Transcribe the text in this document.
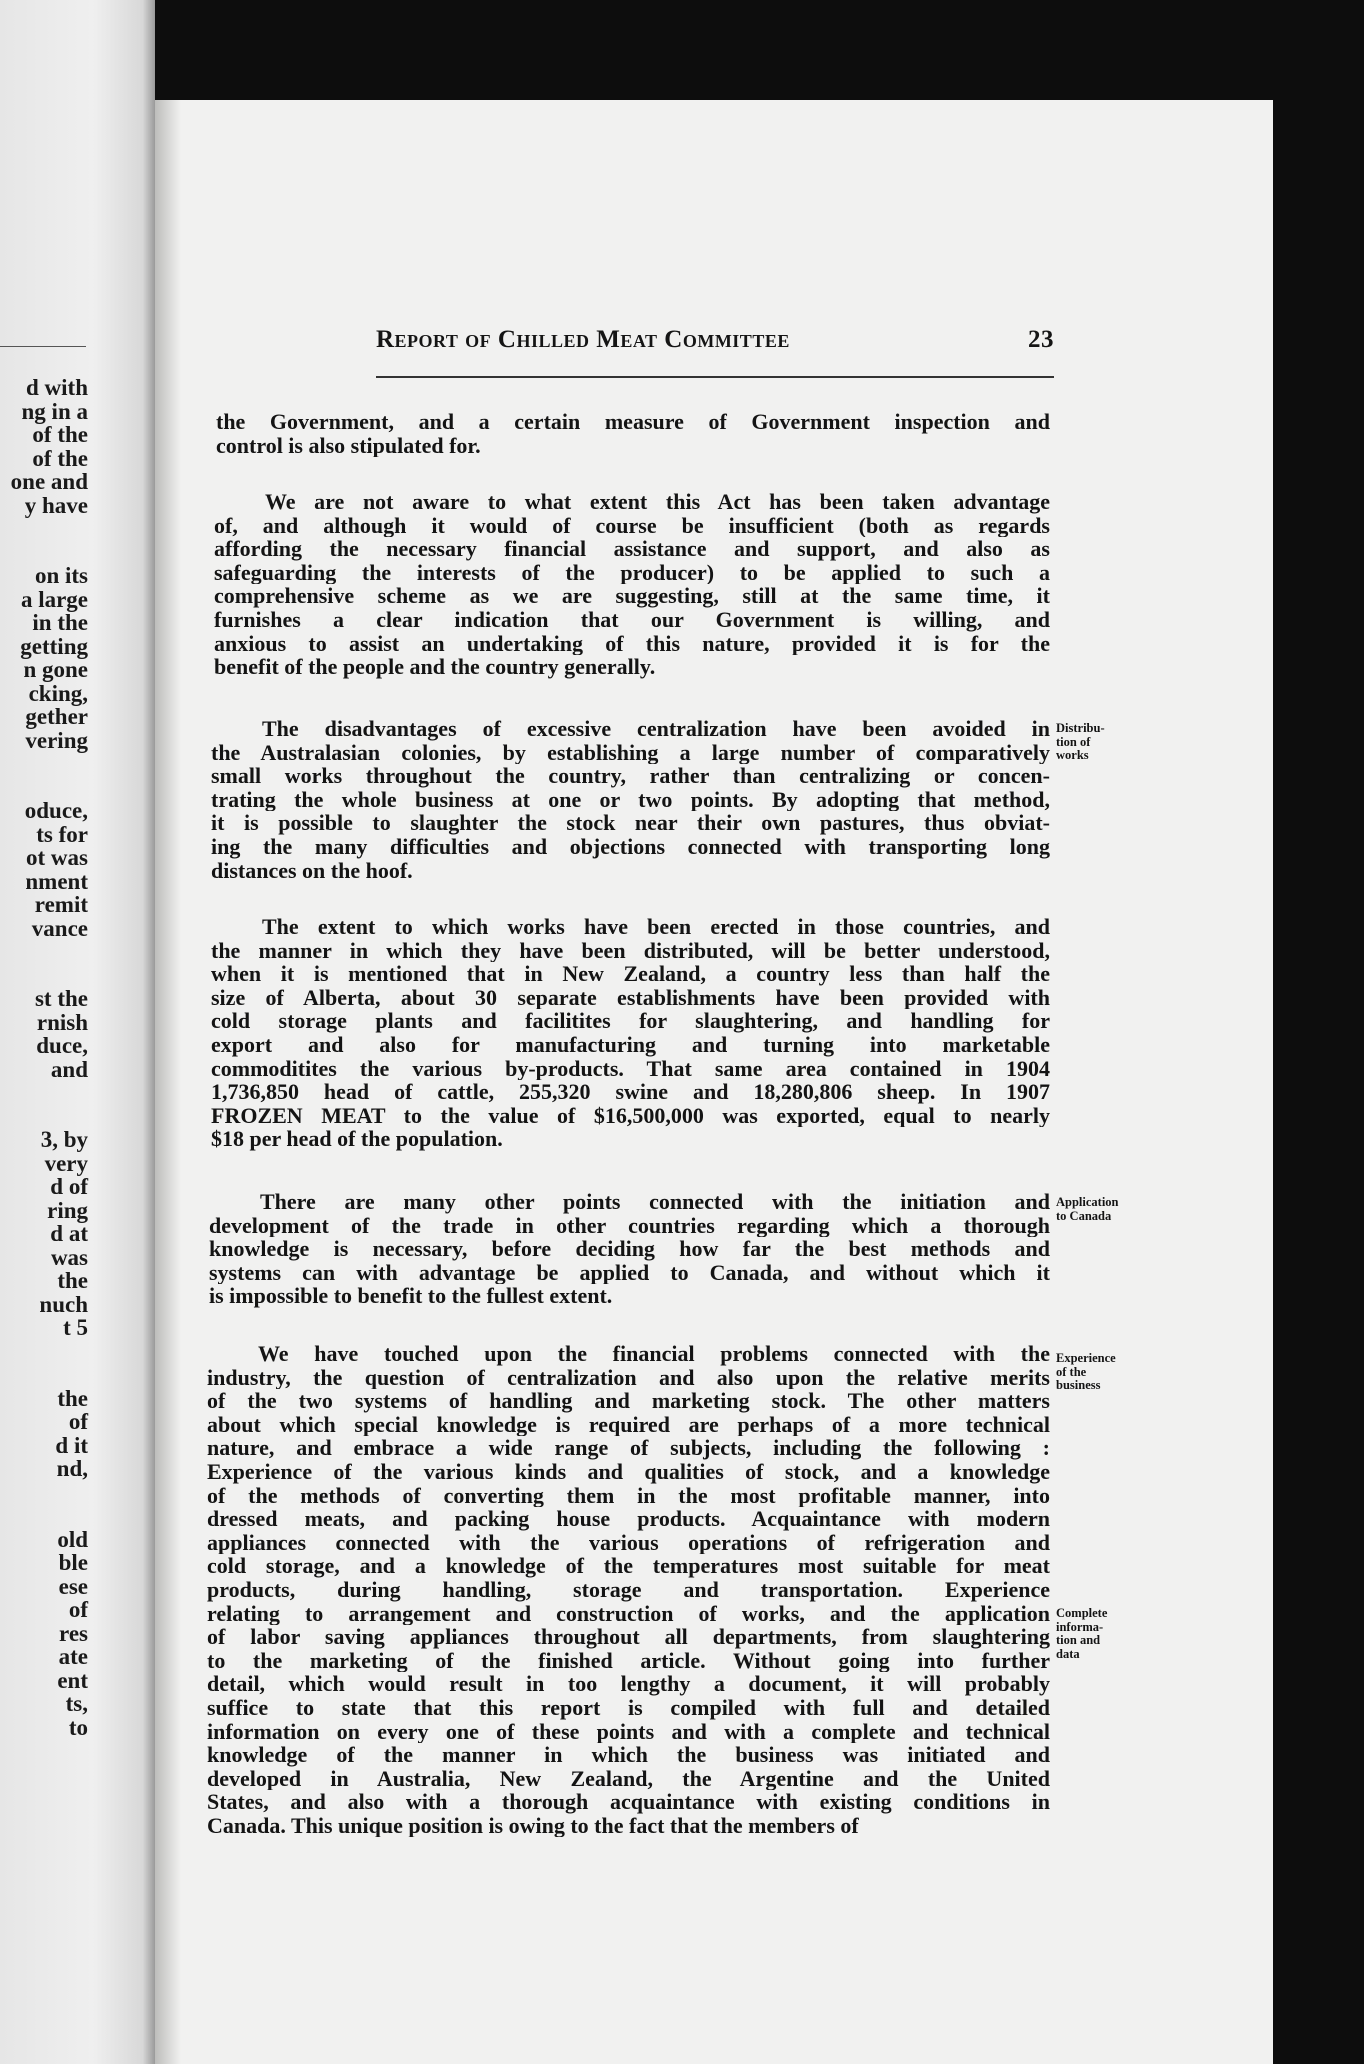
d with
ng in a
of the
of the
one and
y have
on its
a large
in the
getting
n gone
cking,
gether
vering
oduce,
ts for
ot was
nment
remit
vance
st the
rnish
duce,
and
3, by
very
d of
ring
d at
was
the
nuch
t 5
the
of
d it
nd,
old
ble
ese
of
res
ate
ent
ts,
to
Report of Chilled Meat Committee	23
the Government, and a certain measure of Government inspection and
control is also stipulated for.
We are not aware to what extent this Act has been taken advantage
of, and although it would of course be insufficient (both as regards
affording the necessary financial assistance and support, and also as
safeguarding the interests of the producer) to be applied to such a
comprehensive scheme as we are suggesting, still at the same time, it
furnishes a clear indication that our Government is willing, and
anxious to assist an undertaking of this nature, provided it is for the
benefit of the people and the country generally.
The disadvantages of excessive centralization have been avoided in
the Australasian colonies, by establishing a large number of comparatively
small works throughout the country, rather than centralizing or concen-
trating the whole business at one or two points. By adopting that method,
it is possible to slaughter the stock near their own pastures, thus obviat-
ing the many difficulties and objections connected with transporting long
distances on the hoof.
The extent to which works have been erected in those countries, and
the manner in which they have been distributed, will be better understood,
when it is mentioned that in New Zealand, a country less than half the
size of Alberta, about 30 separate establishments have been provided with
cold storage plants and facilitites for slaughtering, and handling for
export and also for manufacturing and turning into marketable
commoditites the various by-products. That same area contained in 1904
1,736,850 head of cattle, 255,320 swine and 18,280,806 sheep. In 1907
FROZEN MEAT to the value of $16,500,000 was exported, equal to nearly
$18 per head of the population.
There are many other points connected with the initiation and
development of the trade in other countries regarding which a thorough
knowledge is necessary, before deciding how far the best methods and
systems can with advantage be applied to Canada, and without which it
is impossible to benefit to the fullest extent.
We have touched upon the financial problems connected with the
industry, the question of centralization and also upon the relative merits
of the two systems of handling and marketing stock. The other matters
about which special knowledge is required are perhaps of a more technical
nature, and embrace a wide range of subjects, including the following :
Experience of the various kinds and qualities of stock, and a knowledge
of the methods of converting them in the most profitable manner, into
dressed meats, and packing house products. Acquaintance with modern
appliances connected with the various operations of refrigeration and
cold storage, and a knowledge of the temperatures most suitable for meat
products, during handling, storage and transportation. Experience
relating to arrangement and construction of works, and the application
of labor saving appliances throughout all departments, from slaughtering
to the marketing of the finished article. Without going into further
detail, which would result in too lengthy a document, it will probably
suffice to state that this report is compiled with full and detailed
information on every one of these points and with a complete and technical
knowledge of the manner in which the business was initiated and
developed in Australia, New Zealand, the Argentine and the United
States, and also with a thorough acquaintance with existing conditions in
Canada. This unique position is owing to the fact that the members of
Distribu-
tion of
works
Application
to Canada
Experience
of the
business
Complete
informa-
tion and
data
